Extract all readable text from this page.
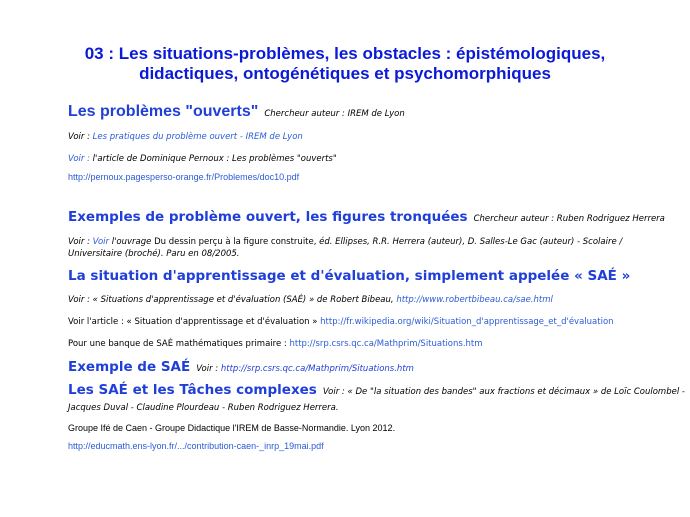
03 : Les situations-problèmes, les obstacles : épistémologiques,
didactiques, ontogénétiques et psychomorphiques
Les problèmes "ouverts" Chercheur auteur : IREM de Lyon
Voir : Les pratiques du problème ouvert - IREM de Lyon
Voir : l'article de Dominique Pernoux : Les problèmes "ouverts"
http://pernoux.pagesperso-orange.fr/Problemes/doc10.pdf
Exemples de problème ouvert, les figures tronquées Chercheur auteur : Ruben Rodriguez Herrera
Voir : Voir l'ouvrage Du dessin perçu à la figure construite, éd. Ellipses, R.R. Herrera (auteur), D. Salles-Le Gac (auteur) - Scolaire /
Universitaire (broché). Paru en 08/2005.
La situation d'apprentissage et d'évaluation, simplement appelée « SAÉ »
Voir : « Situations d'apprentissage et d'évaluation (SAÉ) » de Robert Bibeau, http://www.robertbibeau.ca/sae.html
Voir l'article : « Situation d'apprentissage et d'évaluation » http://fr.wikipedia.org/wiki/Situation_d'apprentissage_et_d'évaluation
Pour une banque de SAÉ mathématiques primaire : http://srp.csrs.qc.ca/Mathprim/Situations.htm
Exemple de SAÉ Voir : http://srp.csrs.qc.ca/Mathprim/Situations.htm
Les SAÉ et les Tâches complexes Voir : « De "la situation des bandes" aux fractions et décimaux » de Loïc Coulombel -
Jacques Duval - Claudine Plourdeau - Ruben Rodriguez Herrera.
Groupe Ifé de Caen - Groupe Didactique l'IREM de Basse-Normandie. Lyon 2012.
http://educmath.ens-lyon.fr/.../contribution-caen-_inrp_19mai.pdf
